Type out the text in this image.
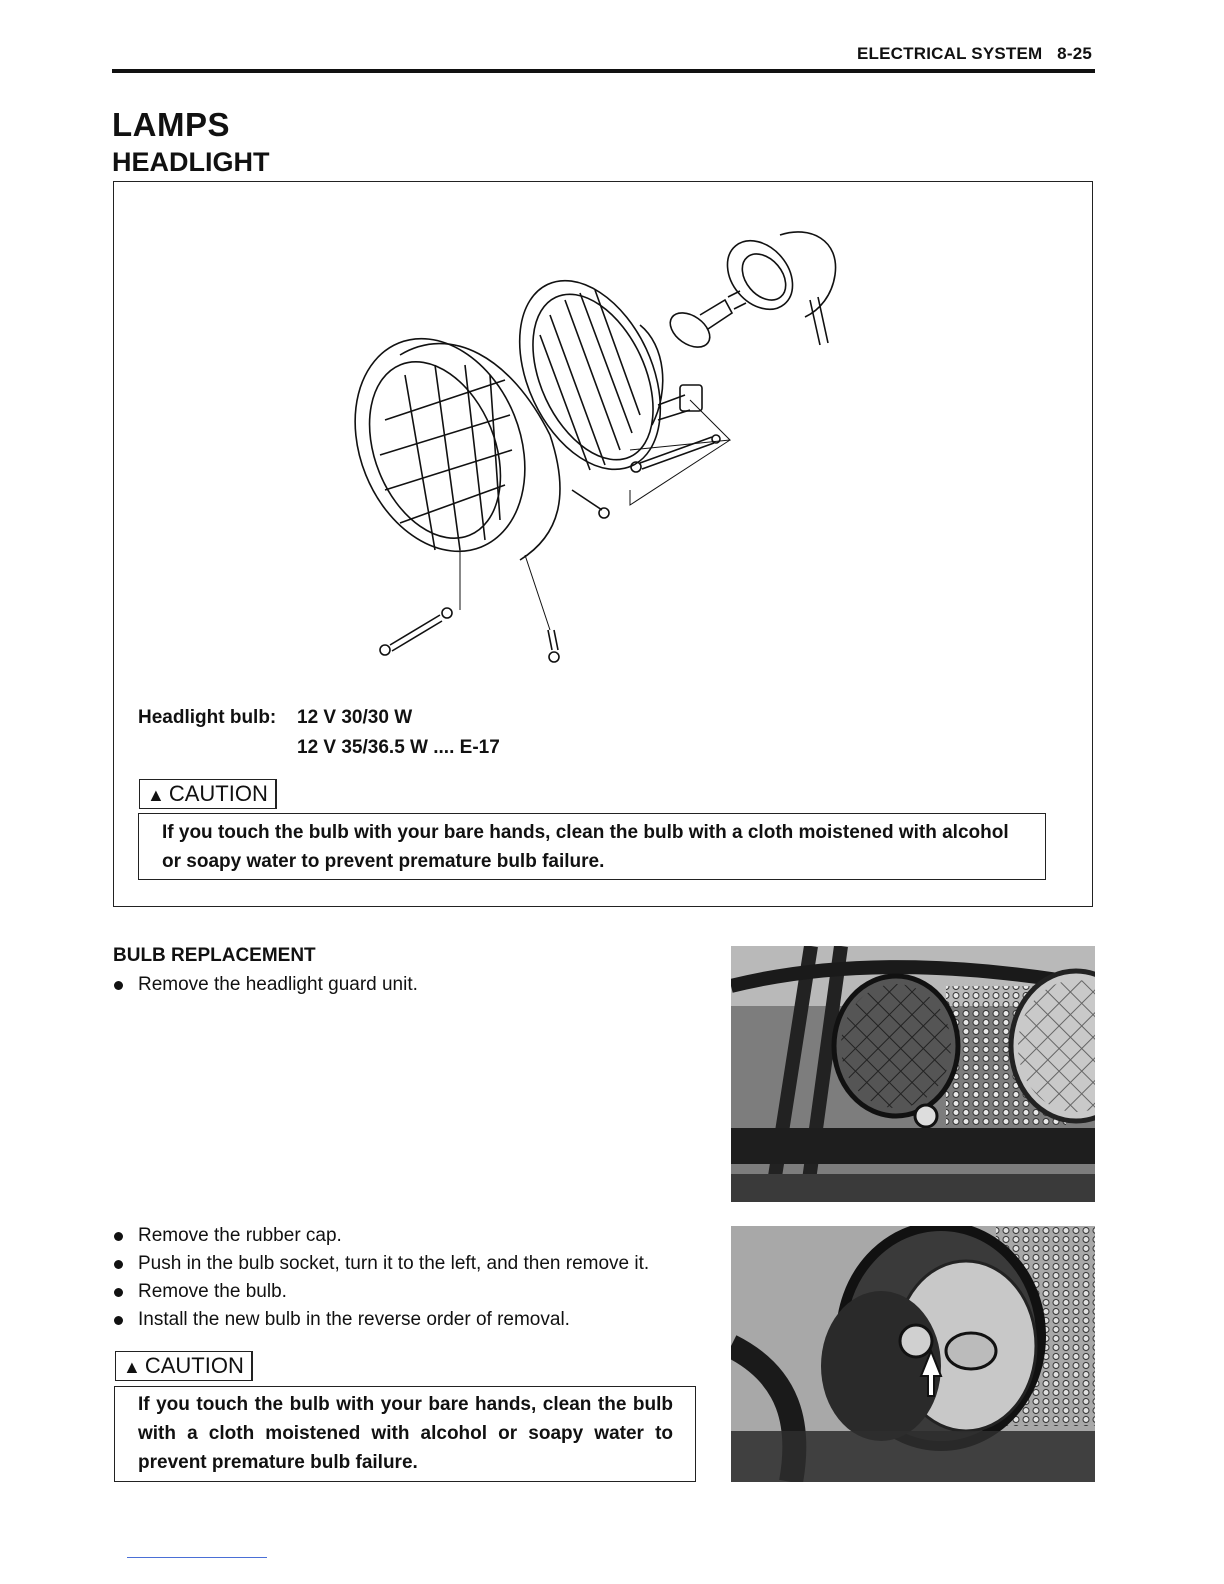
ELECTRICAL SYSTEM 8-25
LAMPS
HEADLIGHT
Headlight bulb: 12 V 30/30 W
12 V 35/36.5 W .... E-17
▲ CAUTION
If you touch the bulb with your bare hands, clean the bulb with a cloth moistened with alcohol or soapy water to prevent premature bulb failure.
BULB REPLACEMENT
Remove the headlight guard unit.
Remove the rubber cap.
Push in the bulb socket, turn it to the left, and then remove it.
Remove the bulb.
Install the new bulb in the reverse order of removal.
▲ CAUTION
If you touch the bulb with your bare hands, clean the bulb with a cloth moistened with alcohol or soapy water to prevent premature bulb failure.
